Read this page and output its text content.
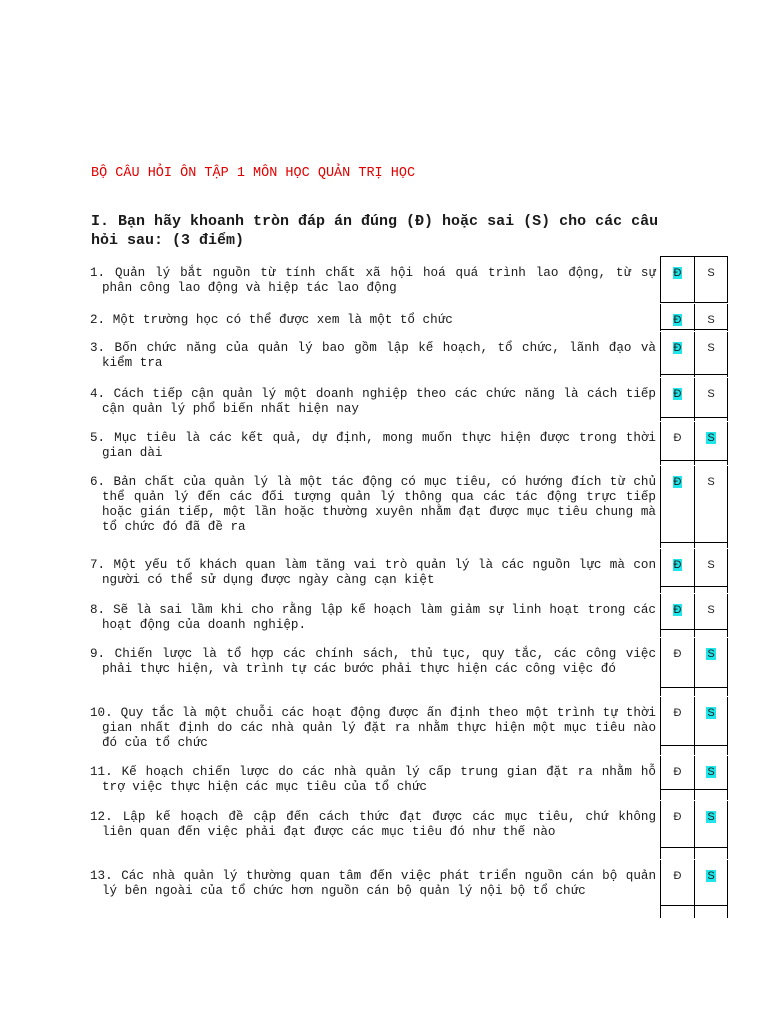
BỘ CÂU HỎI ÔN TẬP 1 MÔN HỌC QUẢN TRỊ HỌC
I. Bạn hãy khoanh tròn đáp án đúng (Đ) hoặc sai (S) cho các câu hỏi sau: (3 điểm)
1. Quản lý bắt nguồn từ tính chất xã hội hoá quá trình lao động, từ sự phân công lao động và hiệp tác lao động
Đ	S
2. Một trường học có thể được xem là một tổ chức	Đ	S
3. Bốn chức năng của quản lý bao gồm lập kế hoạch, tổ chức, lãnh đạo và kiểm tra
Đ	S
4. Cách tiếp cận quản lý một doanh nghiệp theo các chức năng là cách tiếp cận quản lý phổ biến nhất hiện nay
Đ	S
5. Mục tiêu là các kết quả, dự định, mong muốn thực hiện được trong thời gian dài
Đ	S
6. Bản chất của quản lý là một tác động có mục tiêu, có hướng đích từ chủ thể quản lý đến các đối tượng quản lý thông qua các tác động trực tiếp hoặc gián tiếp, một lần hoặc thường xuyên nhằm đạt được mục tiêu chung mà tổ chức đó đã đề ra
Đ	S
7. Một yếu tố khách quan làm tăng vai trò quản lý là các nguồn lực mà con người có thể sử dụng được ngày càng cạn kiệt
Đ	S
8. Sẽ là sai lầm khi cho rằng lập kế hoạch làm giảm sự linh hoạt trong các hoạt động của doanh nghiệp.
Đ	S
9. Chiến lược là tổ hợp các chính sách, thủ tục, quy tắc, các công việc phải thực hiện, và trình tự các bước phải thực hiện các công việc đó
Đ	S
10. Quy tắc là một chuỗi các hoạt động được ấn định theo một trình tự thời gian nhất định do các nhà quản lý đặt ra nhằm thực hiện một mục tiêu nào đó của tổ chức
Đ	S
11. Kế hoạch chiến lược do các nhà quản lý cấp trung gian đặt ra nhằm hỗ trợ việc thực hiện các mục tiêu của tổ chức
Đ	S
12. Lập kế hoạch đề cập đến cách thức đạt được các mục tiêu, chứ không liên quan đến việc phải đạt được các mục tiêu đó như thế nào
Đ	S
13. Các nhà quản lý thường quan tâm đến việc phát triển nguồn cán bộ quản lý bên ngoài của tổ chức hơn nguồn cán bộ quản lý nội bộ tổ chức
Đ	S
